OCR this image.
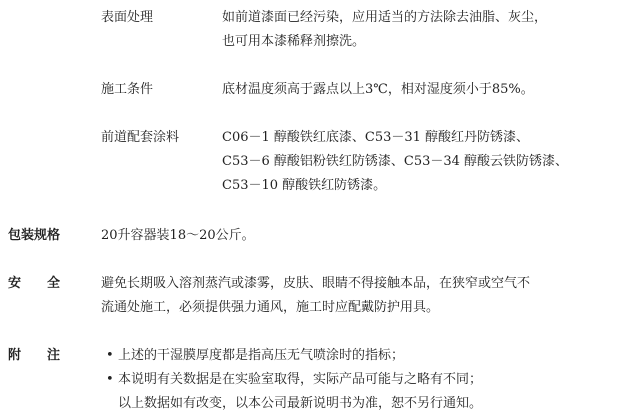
表面处理	如前道漆面已经污染，应用适当的方法除去油脂、灰尘，
也可用本漆稀释剂擦洗。
施工条件	底材温度须高于露点以上3℃，相对湿度须小于85%。
前道配套涂料	C06－1 醇酸铁红底漆、C53－31 醇酸红丹防锈漆、
C53－6 醇酸铝粉铁红防锈漆、C53－34 醇酸云铁防锈漆、
C53－10 醇酸铁红防锈漆。
包装规格	20升容器装18～20公斤。
安　　全	避免长期吸入溶剂蒸汽或漆雾，皮肤、眼睛不得接触本品，在狭窄或空气不
流通处施工，必须提供强力通风，施工时应配戴防护用具。
附　　注	• 上述的干湿膜厚度都是指高压无气喷涂时的指标；
• 本说明有关数据是在实验室取得，实际产品可能与之略有不同；
以上数据如有改变，以本公司最新说明书为准，恕不另行通知。
